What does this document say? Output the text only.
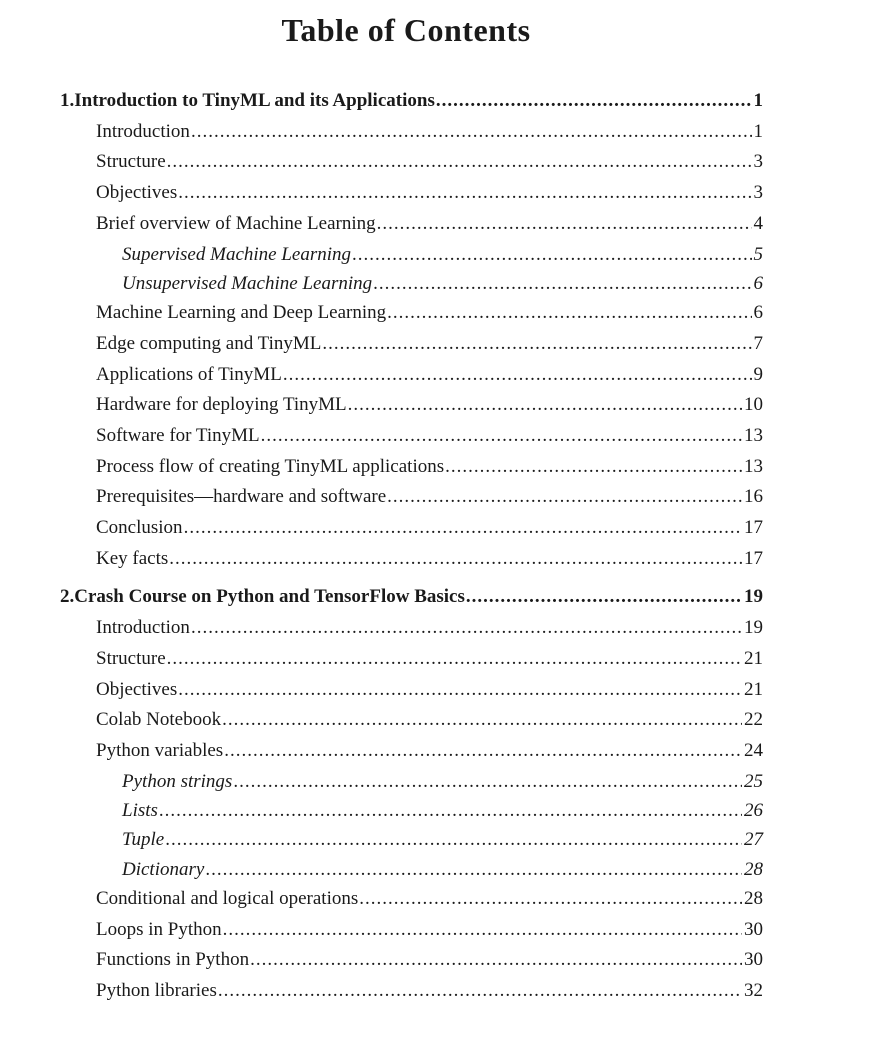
Table of Contents
1. Introduction to TinyML and its Applications .....	1
Introduction .....	1
Structure .....	3
Objectives .....	3
Brief overview of Machine Learning .....	4
Supervised Machine Learning .....	5
Unsupervised Machine Learning .....	6
Machine Learning and Deep Learning .....	6
Edge computing and TinyML .....	7
Applications of TinyML .....	9
Hardware for deploying TinyML .....	10
Software for TinyML .....	13
Process flow of creating TinyML applications .....	13
Prerequisites—hardware and software .....	16
Conclusion .....	17
Key facts .....	17
2. Crash Course on Python and TensorFlow Basics .....	19
Introduction .....	19
Structure .....	21
Objectives .....	21
Colab Notebook .....	22
Python variables .....	24
Python strings .....	25
Lists .....	26
Tuple .....	27
Dictionary .....	28
Conditional and logical operations .....	28
Loops in Python .....	30
Functions in Python .....	30
Python libraries .....	32
